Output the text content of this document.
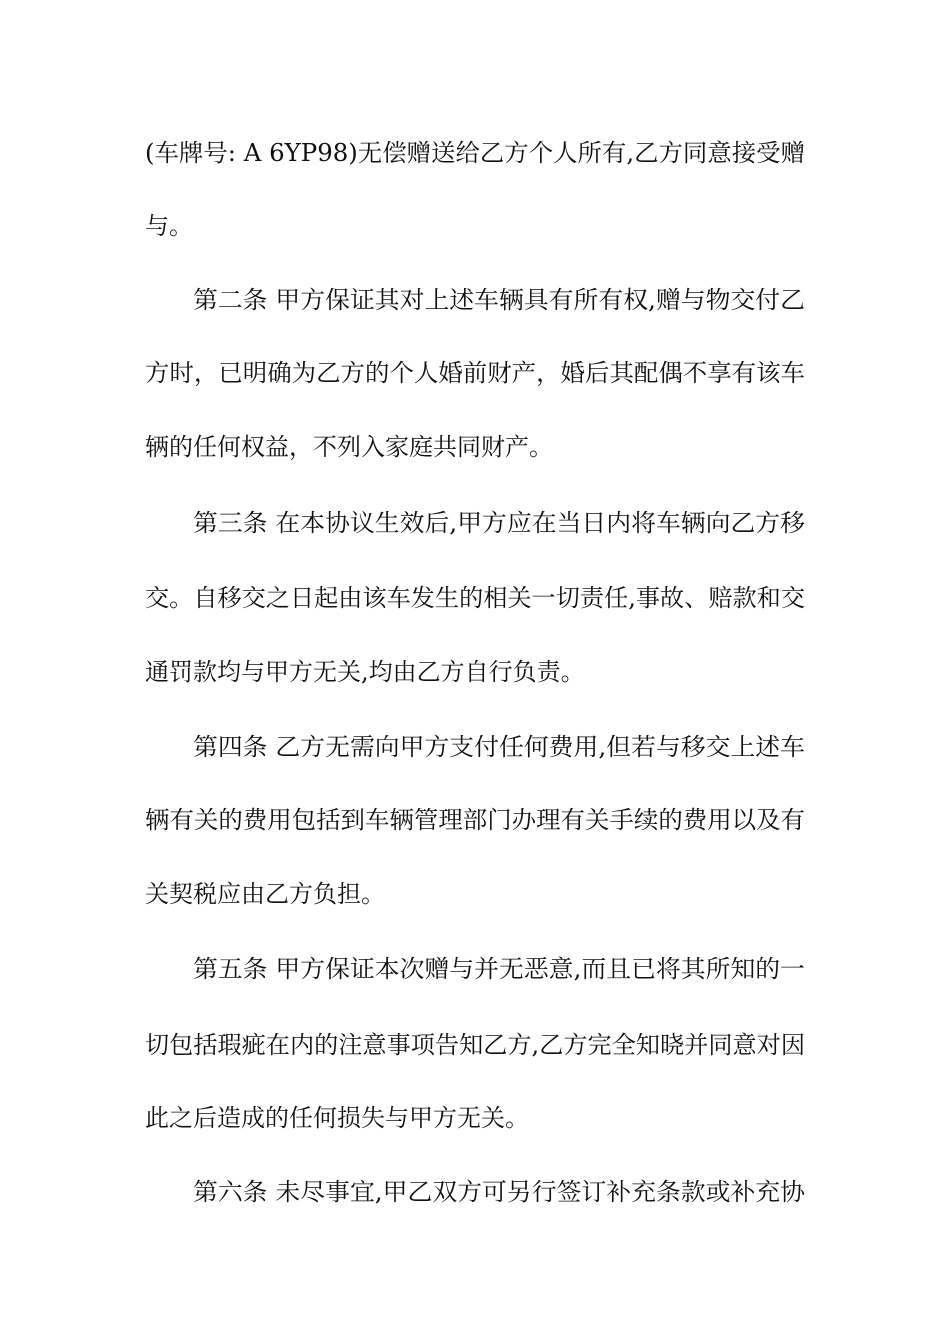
(车牌号: A 6YP98)无偿赠送给乙方个人所有,乙方同意接受赠

与。

第二条 甲方保证其对上述车辆具有所有权,赠与物交付乙

方时，已明确为乙方的个人婚前财产，婚后其配偶不享有该车

辆的任何权益，不列入家庭共同财产。

第三条 在本协议生效后,甲方应在当日内将车辆向乙方移

交。自移交之日起由该车发生的相关一切责任,事故、赔款和交

通罚款均与甲方无关,均由乙方自行负责。

第四条 乙方无需向甲方支付任何费用,但若与移交上述车

辆有关的费用包括到车辆管理部门办理有关手续的费用以及有

关契税应由乙方负担。

第五条 甲方保证本次赠与并无恶意,而且已将其所知的一

切包括瑕疵在内的注意事项告知乙方,乙方完全知晓并同意对因

此之后造成的任何损失与甲方无关。

第六条 未尽事宜,甲乙双方可另行签订补充条款或补充协
